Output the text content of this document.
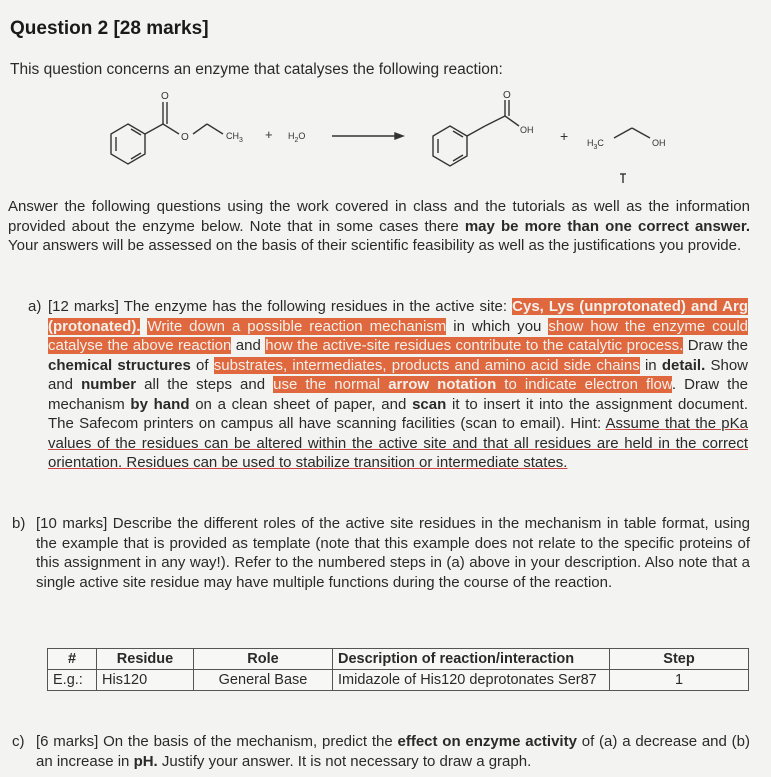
Question 2 [28 marks]
This question concerns an enzyme that catalyses the following reaction:
O
O	$CH_3 + H_2O$
O
OH + $H_3C$	OH
Answer the following questions using the work covered in class and the tutorials as well as the information provided about the enzyme below. Note that in some cases there may be more than one correct answer. Your answers will be assessed on the basis of their scientific feasibility as well as the justifications you provide.
a) [12 marks] The enzyme has the following residues in the active site: Cys, Lys (unprotonated) and Arg (protonated). Write down a possible reaction mechanism in which you show how the enzyme could catalyse the above reaction and how the active-site residues contribute to the catalytic process. Draw the chemical structures of substrates, intermediates, products and amino acid side chains in detail. Show and number all the steps and use the normal arrow notation to indicate electron flow. Draw the mechanism by hand on a clean sheet of paper, and scan it to insert it into the assignment document. The Safecom printers on campus all have scanning facilities (scan to email). Hint: Assume that the pKa values of the residues can be altered within the active site and that all residues are held in the correct orientation. Residues can be used to stabilize transition or intermediate states.
b) [10 marks] Describe the different roles of the active site residues in the mechanism in table format, using the example that is provided as template (note that this example does not relate to the specific proteins of this assignment in any way!). Refer to the numbered steps in (a) above in your description. Also note that a single active site residue may have multiple functions during the course of the reaction.
#	Residue	Role	Description of reaction/interaction	Step
E.g.:	His120	General Base	Imidazole of His120 deprotonates Ser87	1
c) [6 marks] On the basis of the mechanism, predict the effect on enzyme activity of (a) a decrease and (b) an increase in pH. Justify your answer. It is not necessary to draw a graph.
